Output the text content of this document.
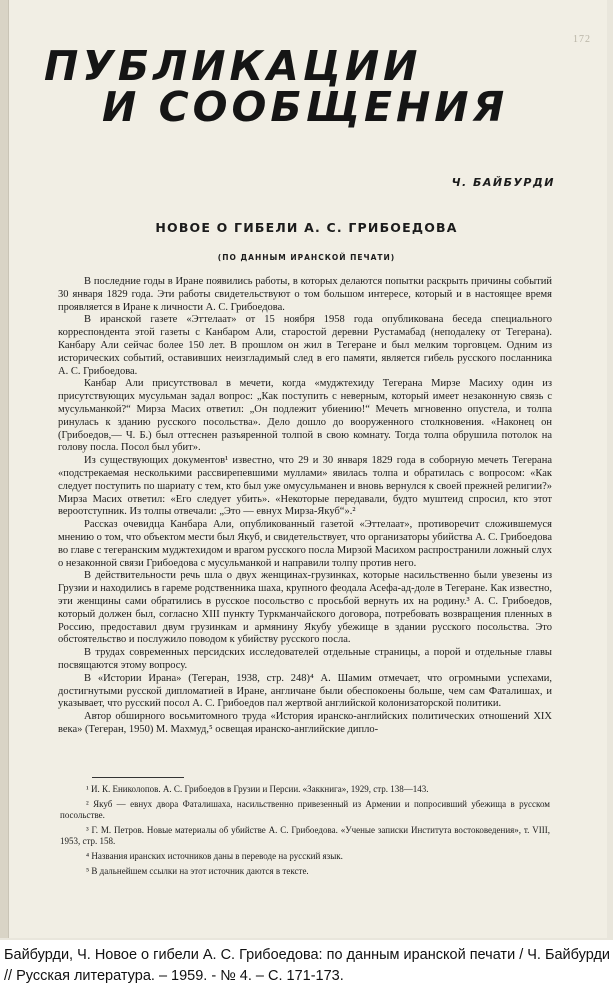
172
ПУБЛИКАЦИИ
И СООБЩЕНИЯ
Ч. БАЙБУРДИ
НОВОЕ О ГИБЕЛИ А. С. ГРИБОЕДОВА
(ПО ДАННЫМ ИРАНСКОЙ ПЕЧАТИ)

В последние годы в Иране появились работы, в которых делаются попытки раскрыть причины событий 30 января 1829 года. Эти работы свидетельствуют о том большом интересе, который и в настоящее время проявляется в Иране к личности А. С. Грибоедова.

В иранской газете «Эттелаат» от 15 ноября 1958 года опубликована беседа специального корреспондента этой газеты с Канбаром Али, старостой деревни Рустамабад (неподалеку от Тегерана). Канбару Али сейчас более 150 лет. В прошлом он жил в Тегеране и был мелким торговцем. Одним из исторических событий, оставивших неизгладимый след в его памяти, является гибель русского посланника А. С. Грибоедова.

Канбар Али присутствовал в мечети, когда «муджтехиду Тегерана Мирзе Масиху один из присутствующих мусульман задал вопрос: „Как поступить с неверным, который имеет незаконную связь с мусульманкой?“ Мирза Масих ответил: „Он подлежит убиению!“ Мечеть мгновенно опустела, и толпа ринулась к зданию русского посольства». Дело дошло до вооруженного столкновения. «Наконец он (Грибоедов,— Ч. Б.) был оттеснен разъяренной толпой в свою комнату. Тогда толпа обрушила потолок на голову посла. Посол был убит».

Из существующих документов¹ известно, что 29 и 30 января 1829 года в соборную мечеть Тегерана «подстрекаемая несколькими рассвирепевшими муллами» явилась толпа и обратилась с вопросом: «Как следует поступить по шариату с тем, кто был уже омусульманен и вновь вернулся к своей прежней религии?» Мирза Масих ответил: «Его следует убить». «Некоторые передавали, будто муштеид спросил, кто этот вероотступник. Из толпы отвечали: „Это — евнух Мирза-Якуб“».²

Рассказ очевидца Канбара Али, опубликованный газетой «Эттелаат», противоречит сложившемуся мнению о том, что объектом мести был Якуб, и свидетельствует, что организаторы убийства А. С. Грибоедова во главе с тегеранским муджтехидом и врагом русского посла Мирзой Масихом распространили ложный слух о незаконной связи Грибоедова с мусульманкой и направили толпу против него.

В действительности речь шла о двух женщинах-грузинках, которые насильственно были увезены из Грузии и находились в гареме родственника шаха, крупного феодала Асефа-ад-доле в Тегеране. Как известно, эти женщины сами обратились в русское посольство с просьбой вернуть их на родину.³ А. С. Грибоедов, который должен был, согласно XIII пункту Туркманчайского договора, потребовать возвращения пленных в Россию, предоставил двум грузинкам и армянину Якубу убежище в здании русского посольства. Это обстоятельство и послужило поводом к убийству русского посла.

В трудах современных персидских исследователей отдельные страницы, а порой и отдельные главы посвящаются этому вопросу.

В «Истории Ирана» (Тегеран, 1938, стр. 248)⁴ А. Шамим отмечает, что огромными успехами, достигнутыми русской дипломатией в Иране, англичане были обеспокоены больше, чем сам Фаталишах, и указывает, что русский посол А. С. Грибоедов пал жертвой английской колонизаторской политики.

Автор обширного восьмитомного труда «История иранско-английских политических отношений XIX века» (Тегеран, 1950) М. Махмуд,⁵ освещая иранско-английские дипло-

¹ И. К. Ениколопов. А. С. Грибоедов в Грузии и Персии. «Заккнига», 1929, стр. 138—143.

² Якуб — евнух двора Фаталишаха, насильственно привезенный из Армении и попросивший убежища в русском посольстве.

³ Г. М. Петров. Новые материалы об убийстве А. С. Грибоедова. «Ученые записки Института востоковедения», т. VIII, 1953, стр. 158.

⁴ Названия иранских источников даны в переводе на русский язык.

⁵ В дальнейшем ссылки на этот источник даются в тексте.

Байбурди, Ч. Новое о гибели А. С. Грибоедова: по данным иранской печати / Ч. Байбурди // Русская литература. – 1959. - № 4. – С. 171-173.
